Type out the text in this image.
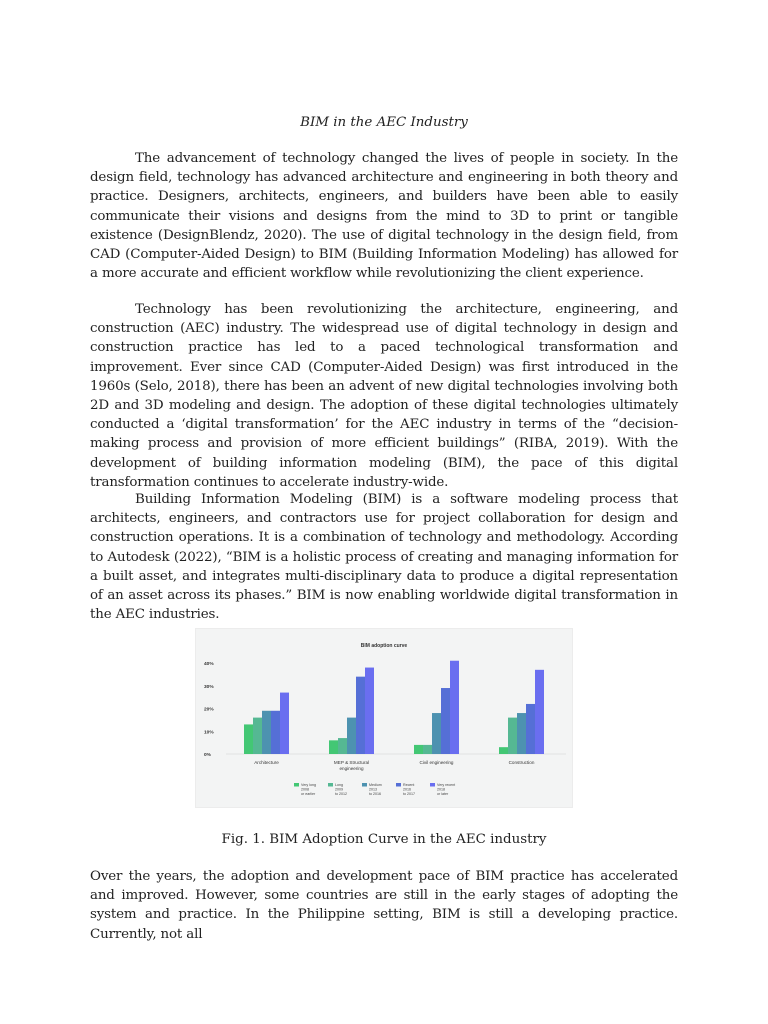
BIM in the AEC Industry

The advancement of technology changed the lives of people in society. In the design field, technology has advanced architecture and engineering in both theory and practice. Designers, architects, engineers, and builders have been able to easily communicate their visions and designs from the mind to 3D to print or tangible existence (DesignBlendz, 2020). The use of digital technology in the design field, from CAD (Computer-Aided Design) to BIM (Building Information Modeling) has allowed for a more accurate and efficient workflow while revolutionizing the client experience.

Technology has been revolutionizing the architecture, engineering, and construction (AEC) industry. The widespread use of digital technology in design and construction practice has led to a paced technological transformation and improvement. Ever since CAD (Computer-Aided Design) was first introduced in the 1960s (Selo, 2018), there has been an advent of new digital technologies involving both 2D and 3D modeling and design. The adoption of these digital technologies ultimately conducted a ‘digital transformation’ for the AEC industry in terms of the “decision-making process and provision of more efficient buildings” (RIBA, 2019). With the development of building information modeling (BIM), the pace of this digital transformation continues to accelerate industry-wide.

Building Information Modeling (BIM) is a software modeling process that architects, engineers, and contractors use for project collaboration for design and construction operations. It is a combination of technology and methodology. According to Autodesk (2022), “BIM is a holistic process of creating and managing information for a built asset, and integrates multi-disciplinary data to produce a digital representation of an asset across its phases.” BIM is now enabling worldwide digital transformation in the AEC industries.

BIM adoption curve
0%
10%
20%
30%
40%
Architecture	MEP & Structural
engineering
Civil engineering	Construction
Very long
2008
or earlier
Long
2009
to 2012
Medium
2013
to 2016
Recent
2016
to 2017
Very recent
2018
or later
Fig. 1. BIM Adoption Curve in the AEC industry

Over the years, the adoption and development pace of BIM practice has accelerated and improved. However, some countries are still in the early stages of adopting the system and practice. In the Philippine setting, BIM is still a developing practice. Currently, not all
